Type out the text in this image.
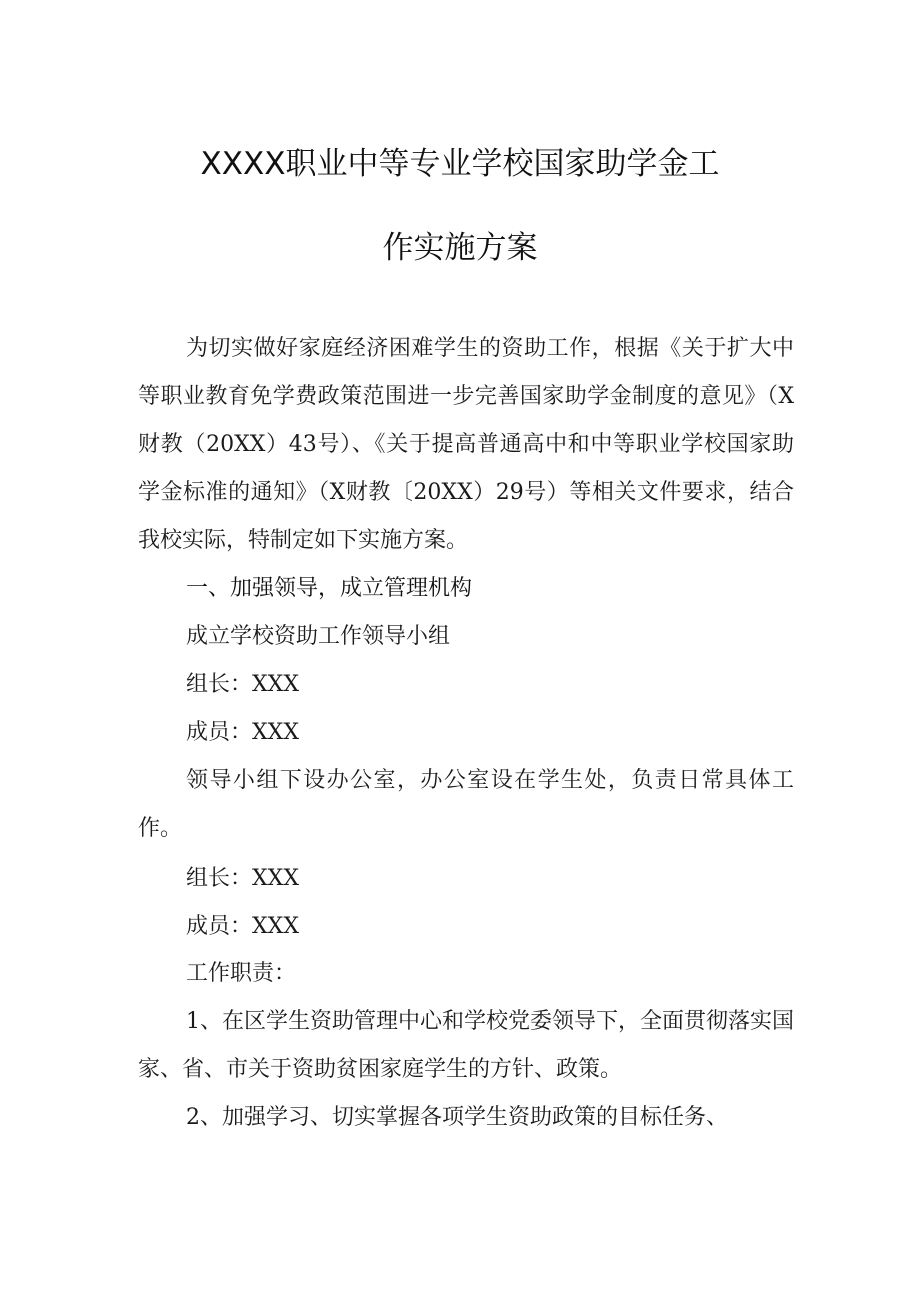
XXXX职业中等专业学校国家助学金工
作实施方案

为切实做好家庭经济困难学生的资助工作，根据《关于扩大中等职业教育免学费政策范围进一步完善国家助学金制度的意见》（X财教（20XX）43号）、《关于提高普通高中和中等职业学校国家助学金标准的通知》（X财教〔20XX）29号）等相关文件要求，结合我校实际，特制定如下实施方案。

一、加强领导，成立管理机构
成立学校资助工作领导小组
组长：XXX
成员：XXX

领导小组下设办公室，办公室设在学生处，负责日常具体工作。

组长：XXX
成员：XXX
工作职责：

1、在区学生资助管理中心和学校党委领导下，全面贯彻落实国家、省、市关于资助贫困家庭学生的方针、政策。

2、加强学习、切实掌握各项学生资助政策的目标任务、
